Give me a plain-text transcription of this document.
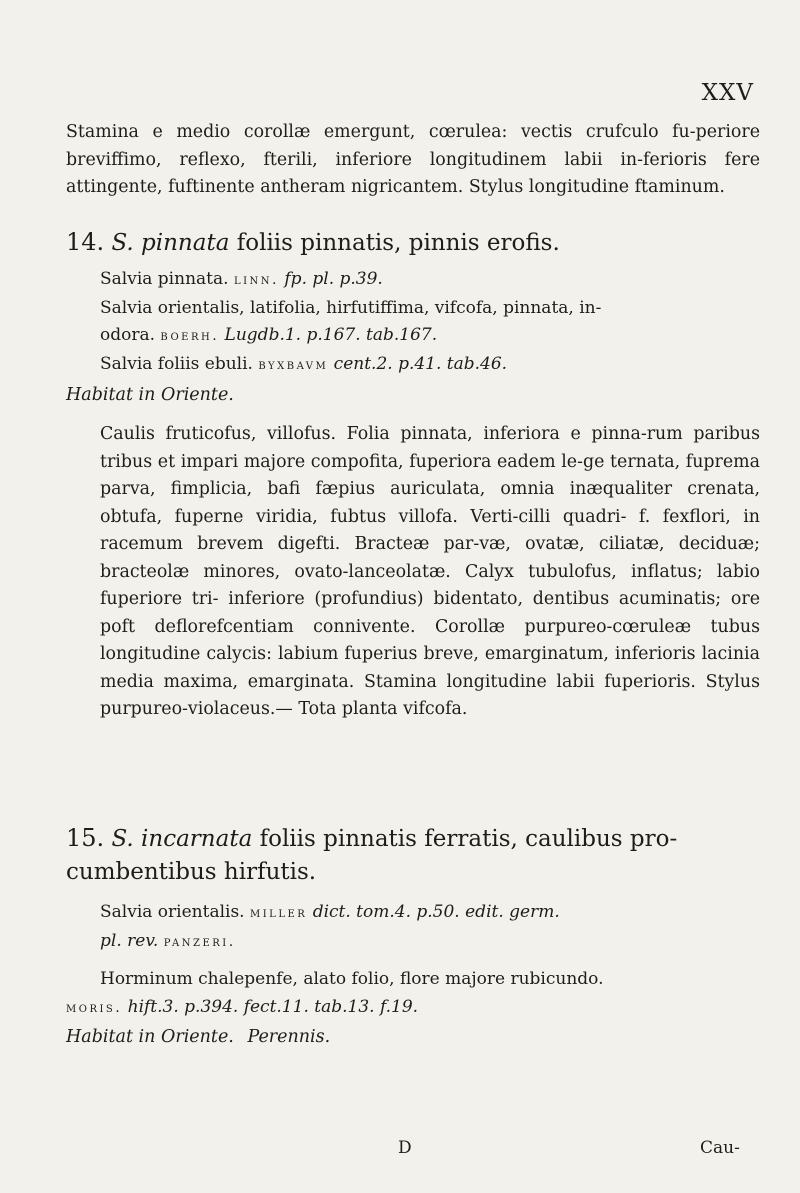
XXV

Stamina e medio corollæ emergunt, cœrulea: vectis crufculo fu-periore breviffimo, reflexo, fterili, inferiore longitudinem labii in-ferioris fere attingente, fuftinente antheram nigricantem. Stylus longitudine ftaminum.

14. S. pinnata foliis pinnatis, pinnis erofis.

Salvia pinnata. linn. fp. pl. p.39.

Salvia orientalis, latifolia, hirfutiffima, vifcofa, pinnata, in-

odora. boerh. Lugdb.1. p.167. tab.167.

Salvia foliis ebuli. byxbavm cent.2. p.41. tab.46.

Habitat in Oriente.

Caulis fruticofus, villofus. Folia pinnata, inferiora e pinna-rum paribus tribus et impari majore compofita, fuperiora eadem le-ge ternata, fuprema parva, fimplicia, bafi fæpius auriculata, omnia inæqualiter crenata, obtufa, fuperne viridia, fubtus villofa. Verti-cilli quadri- f. fexflori, in racemum brevem digefti. Bracteæ par-væ, ovatæ, ciliatæ, deciduæ; bracteolæ minores, ovato-lanceolatæ. Calyx tubulofus, inflatus; labio fuperiore tri- inferiore (profundius) bidentato, dentibus acuminatis; ore poft deflorefcentiam connivente. Corollæ purpureo-cœruleæ tubus longitudine calycis: labium fuperius breve, emarginatum, inferioris lacinia media maxima, emarginata. Stamina longitudine labii fuperioris. Stylus purpureo-violaceus.— Tota planta vifcofa.

15. S. incarnata foliis pinnatis ferratis, caulibus pro-

cumbentibus hirfutis.

Salvia orientalis. miller dict. tom.4. p.50. edit. germ.

pl. rev. panzeri.

Horminum chalepenfe, alato folio, flore majore rubicundo.

moris. hift.3. p.394. fect.11. tab.13. f.19.

Habitat in Oriente. Perennis.

D	Cau-
